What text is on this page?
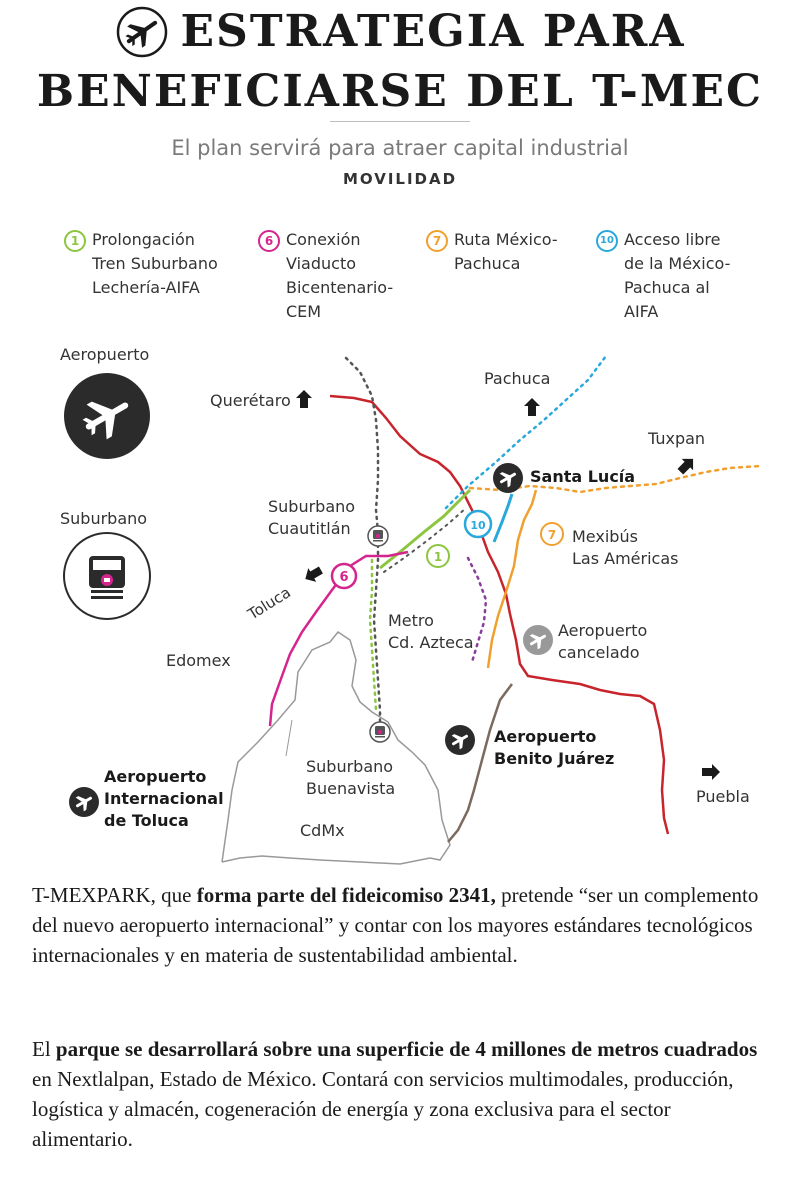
ESTRATEGIA PARA
BENEFICIARSE DEL T-MEC
El plan servirá para atraer capital industrial
MOVILIDAD
1 Prolongación
Tren Suburbano
Lechería-AIFA
6 Conexión
Viaducto
Bicentenario-
CEM
7 Ruta México-
Pachuca
10 Acceso libre
de la México-
Pachuca al
AIFA
10
1
6
7
Toluca
Aeropuerto
Suburbano
Querétaro
Pachuca
Tuxpan
Santa Lucía
Suburbano
Cuautitlán	Mexibús
Las Américas
Metro
Cd. Azteca
Aeropuerto
cancelado
Edomex
Aeropuerto
Benito Juárez
Suburbano
Buenavista	Puebla
Aeropuerto
Internacional
de Toluca
CdMx

T-MEXPARK, que forma parte del fideicomiso 2341, pretende “ser un complemento del nuevo aeropuerto internacional” y contar con los mayores estándares tecnológicos internacionales y en materia de sustentabilidad ambiental.

El parque se desarrollará sobre una superficie de 4 millones de metros cuadrados en Nextlalpan, Estado de México. Contará con servicios multimodales, producción, logística y almacén, cogeneración de energía y zona exclusiva para el sector alimentario.
